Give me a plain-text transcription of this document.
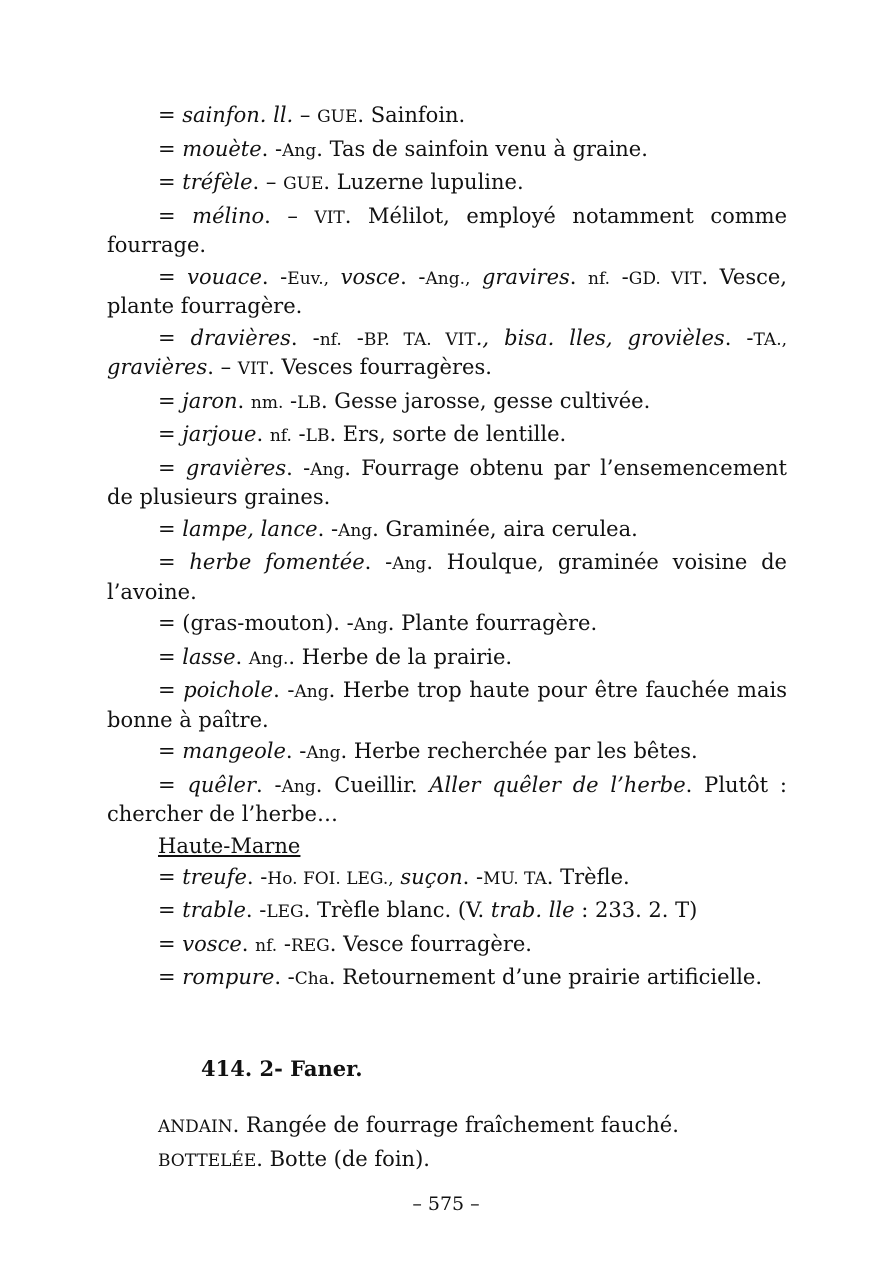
= sainfon. ll. – GUE. Sainfoin.
= mouète. -Ang. Tas de sainfoin venu à graine.
= tréfèle. – GUE. Luzerne lupuline.
= mélino. – VIT. Mélilot, employé notamment comme fourrage.
= vouace. -Euv., vosce. -Ang., gravires. nf. -GD. VIT. Vesce, plante fourragère.
= dravières. -nf. -BP. TA. VIT., bisa. lles, grovièles. -TA., gravières. – VIT. Vesces fourragères.
= jaron. nm. -LB. Gesse jarosse, gesse cultivée.
= jarjoue. nf. -LB. Ers, sorte de lentille.
= gravières. -Ang. Fourrage obtenu par l’ensemencement de plusieurs graines.
= lampe, lance. -Ang. Graminée, aira cerulea.
= herbe fomentée. -Ang. Houlque, graminée voisine de l’avoine.
= (gras-mouton). -Ang. Plante fourragère.
= lasse. Ang.. Herbe de la prairie.
= poichole. -Ang. Herbe trop haute pour être fauchée mais bonne à paître.
= mangeole. -Ang. Herbe recherchée par les bêtes.
= quêler. -Ang. Cueillir. Aller quêler de l’herbe. Plutôt : chercher de l’herbe…
Haute-Marne
= treufe. -Ho. FOI. LEG., suçon. -MU. TA. Trèfle.
= trable. -LEG. Trèfle blanc. (V. trab. lle : 233. 2. T)
= vosce. nf. -REG. Vesce fourragère.
= rompure. -Cha. Retournement d’une prairie artificielle.
414. 2- Faner.
ANDAIN. Rangée de fourrage fraîchement fauché.
BOTTELÉE. Botte (de foin).
– 575 –
